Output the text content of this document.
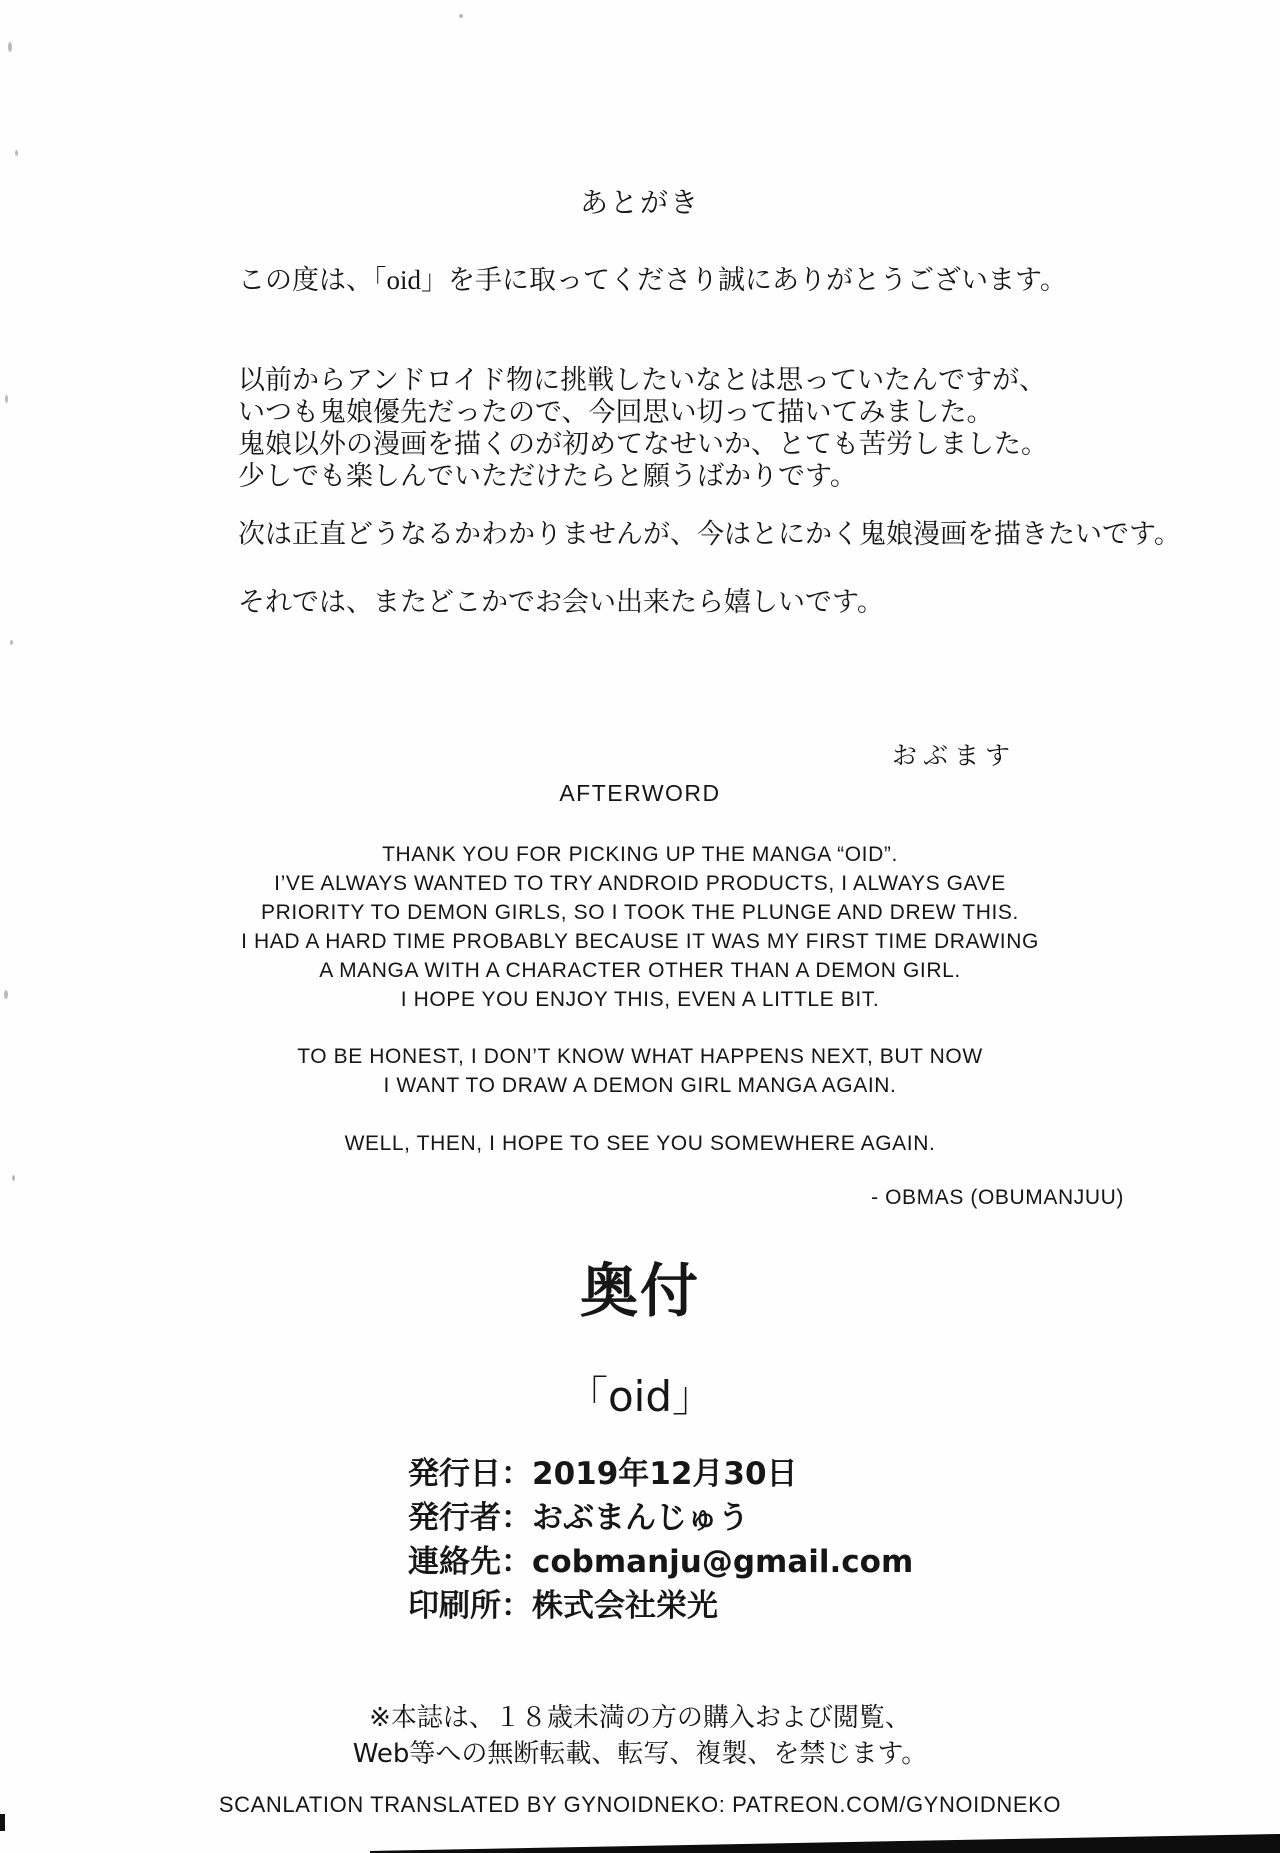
あとがき
この度は、「oid」を手に取ってくださり誠にありがとうございます。
以前からアンドロイド物に挑戦したいなとは思っていたんですが、
いつも鬼娘優先だったので、今回思い切って描いてみました。
鬼娘以外の漫画を描くのが初めてなせいか、とても苦労しました。
少しでも楽しんでいただけたらと願うばかりです。
次は正直どうなるかわかりませんが、今はとにかく鬼娘漫画を描きたいです。
それでは、またどこかでお会い出来たら嬉しいです。
おぶます
AFTERWORD
THANK YOU FOR PICKING UP THE MANGA “OID”.
I’VE ALWAYS WANTED TO TRY ANDROID PRODUCTS, I ALWAYS GAVE
PRIORITY TO DEMON GIRLS, SO I TOOK THE PLUNGE AND DREW THIS.
I HAD A HARD TIME PROBABLY BECAUSE IT WAS MY FIRST TIME DRAWING
A MANGA WITH A CHARACTER OTHER THAN A DEMON GIRL.
I HOPE YOU ENJOY THIS, EVEN A LITTLE BIT.
TO BE HONEST, I DON’T KNOW WHAT HAPPENS NEXT, BUT NOW
I WANT TO DRAW A DEMON GIRL MANGA AGAIN.
WELL, THEN, I HOPE TO SEE YOU SOMEWHERE AGAIN.
- OBMAS (OBUMANJUU)
奥付
「oid」
発行日：2019年12月30日
発行者：おぶまんじゅう
連絡先：cobmanju@gmail.com
印刷所：株式会社栄光
※本誌は、１８歳未満の方の購入および閲覧、
Web等への無断転載、転写、複製、を禁じます。
SCANLATION TRANSLATED BY GYNOIDNEKO: PATREON.COM/GYNOIDNEKO
